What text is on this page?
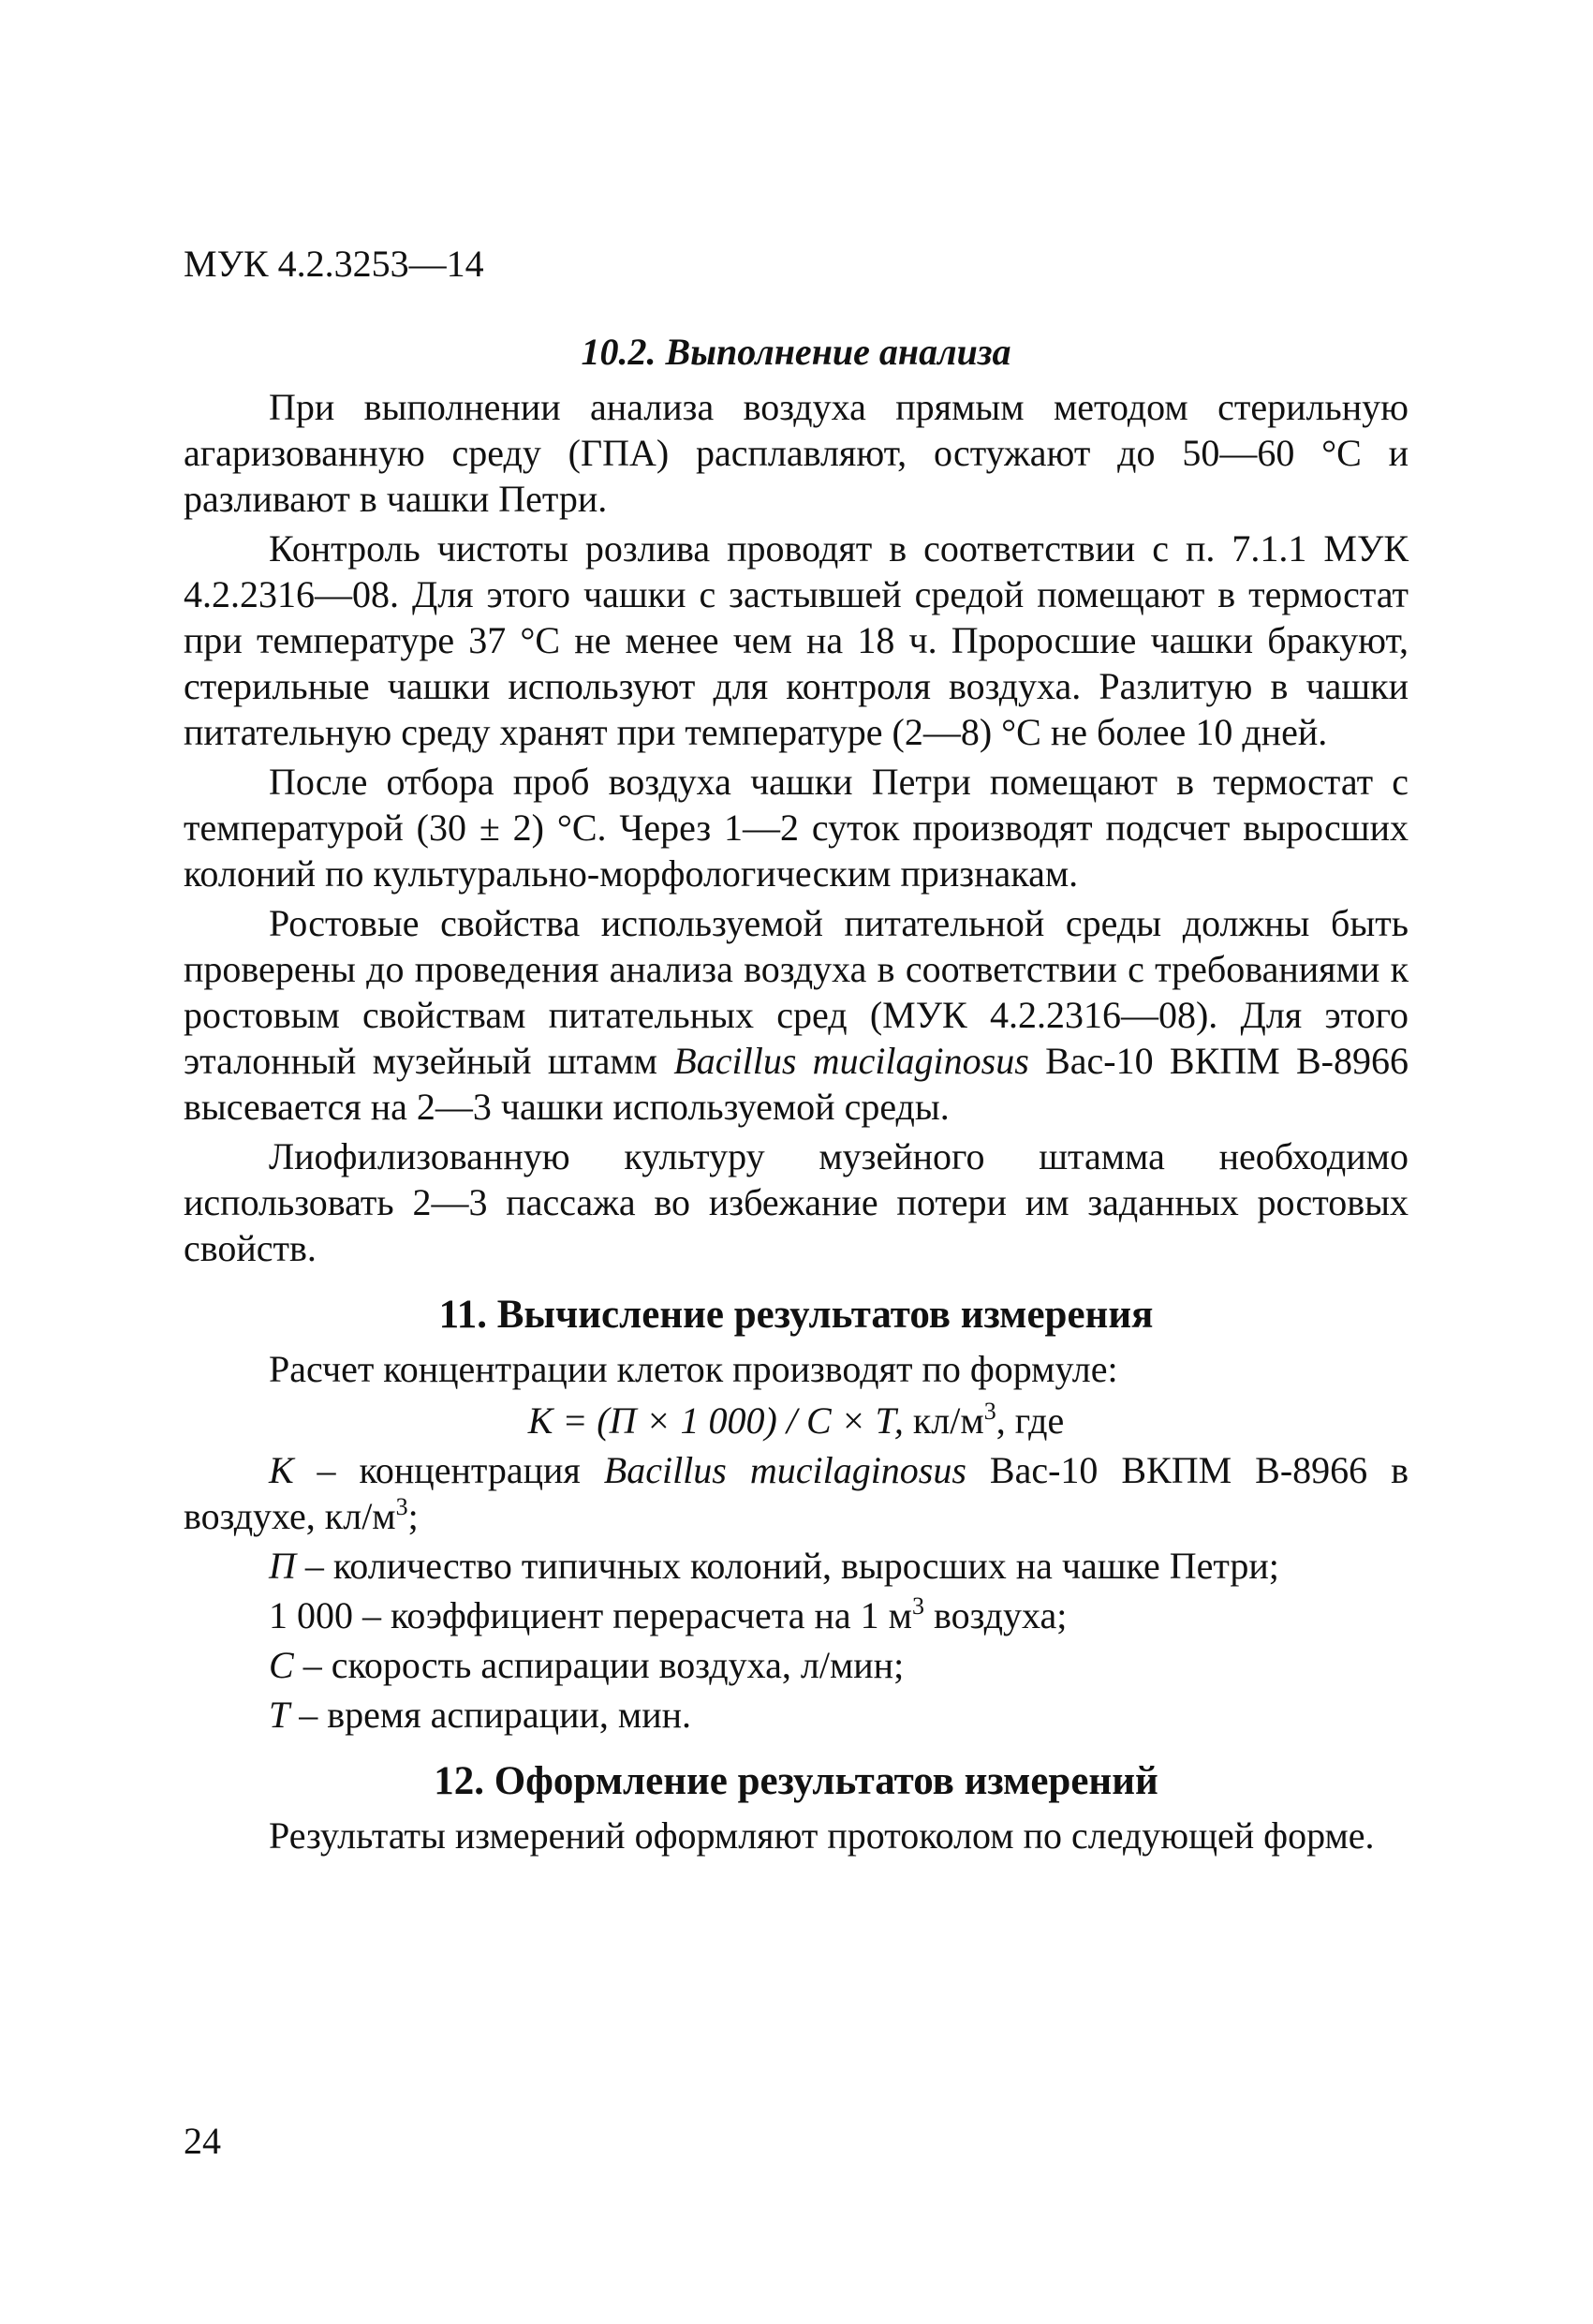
МУК 4.2.3253—14
10.2. Выполнение анализа

При выполнении анализа воздуха прямым методом стерильную агаризованную среду (ГПА) расплавляют, остужают до 50—60 °С и разливают в чашки Петри.

Контроль чистоты розлива проводят в соответствии с п. 7.1.1 МУК 4.2.2316—08. Для этого чашки с застывшей средой помещают в термостат при температуре 37 °С не менее чем на 18 ч. Проросшие чашки бракуют, стерильные чашки используют для контроля воздуха. Разлитую в чашки питательную среду хранят при температуре (2—8) °С не более 10 дней.

После отбора проб воздуха чашки Петри помещают в термостат с температурой (30 ± 2) °С. Через 1—2 суток производят подсчет выросших колоний по культурально-морфологическим признакам.

Ростовые свойства используемой питательной среды должны быть проверены до проведения анализа воздуха в соответствии с требованиями к ростовым свойствам питательных сред (МУК 4.2.2316—08). Для этого эталонный музейный штамм Bacillus mucilaginosus Вас-10 ВКПМ В-8966 высевается на 2—3 чашки используемой среды.

Лиофилизованную культуру музейного штамма необходимо использовать 2—3 пассажа во избежание потери им заданных ростовых свойств.

11. Вычисление результатов измерения

Расчет концентрации клеток производят по формуле:

К = (П × 1 000) / С × Т, $кл/м^3$, где

К – концентрация Bacillus mucilaginosus Вас-10 ВКПМ В-8966 в воздухе, $кл/м^3$;

П – количество типичных колоний, выросших на чашке Петри;

1 000 – коэффициент перерасчета на 1 $м^3$ воздуха;

С – скорость аспирации воздуха, л/мин;

Т – время аспирации, мин.

12. Оформление результатов измерений

Результаты измерений оформляют протоколом по следующей форме.

24
